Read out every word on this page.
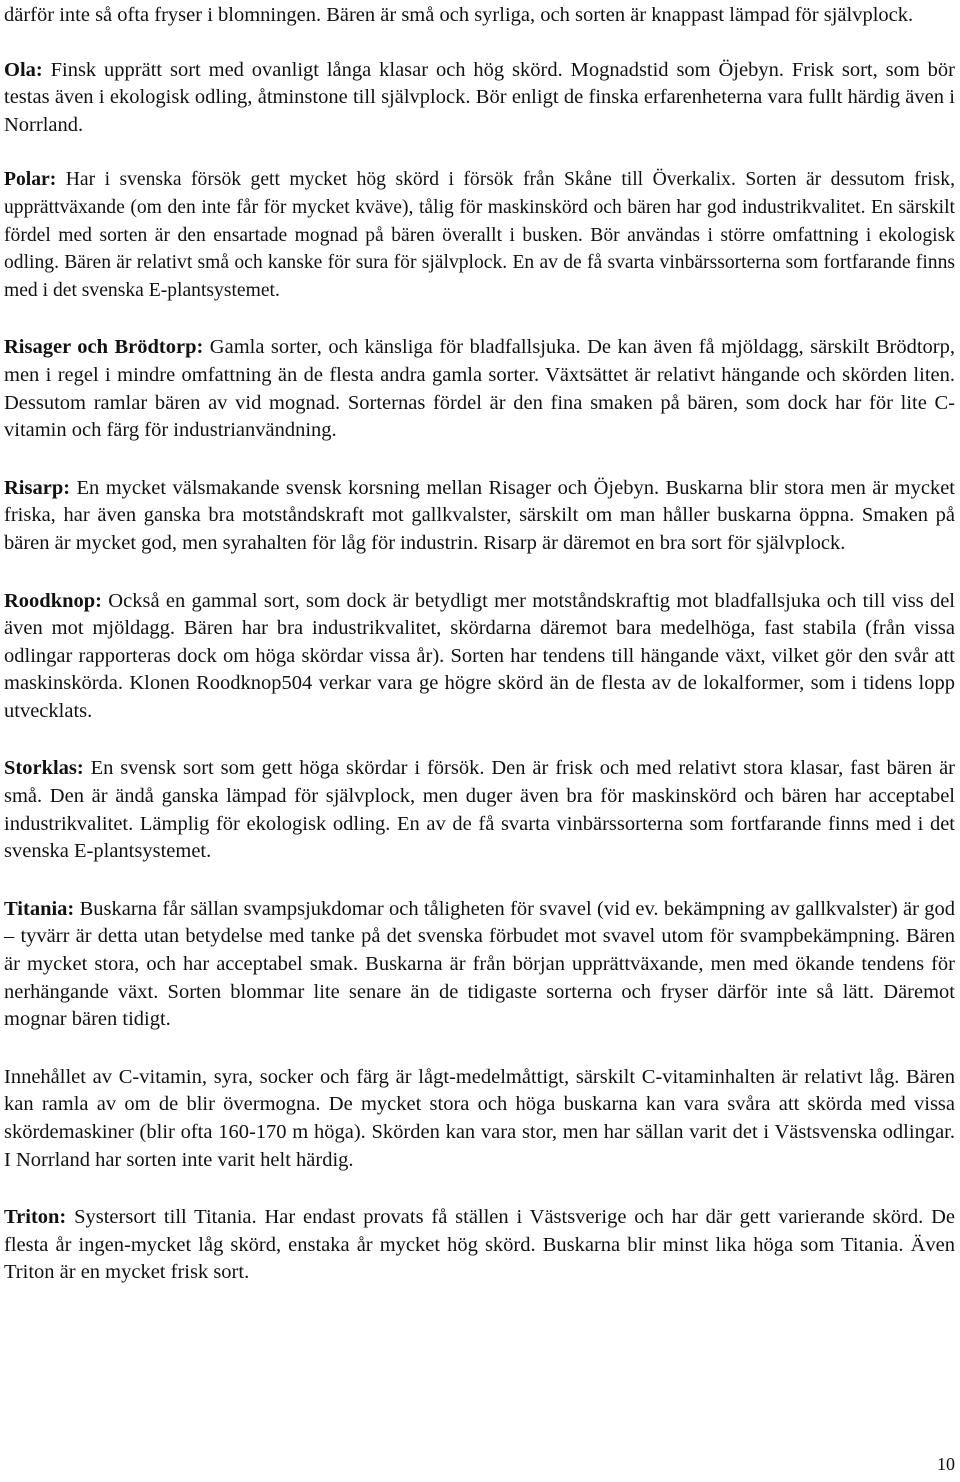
därför inte så ofta fryser i blomningen. Bären är små och syrliga, och sorten är knappast lämpad för självplock.

Ola: Finsk upprätt sort med ovanligt långa klasar och hög skörd. Mognadstid som Öjebyn. Frisk sort, som bör testas även i ekologisk odling, åtminstone till självplock. Bör enligt de finska erfarenheterna vara fullt härdig även i Norrland.

Polar: Har i svenska försök gett mycket hög skörd i försök från Skåne till Överkalix. Sorten är dessutom frisk, upprättväxande (om den inte får för mycket kväve), tålig för maskinskörd och bären har god industrikvalitet. En särskilt fördel med sorten är den ensartade mognad på bären överallt i busken. Bör användas i större omfattning i ekologisk odling. Bären är relativt små och kanske för sura för självplock. En av de få svarta vinbärssorterna som fortfarande finns med i det svenska E-plantsystemet.

Risager och Brödtorp: Gamla sorter, och känsliga för bladfallsjuka. De kan även få mjöldagg, särskilt Brödtorp, men i regel i mindre omfattning än de flesta andra gamla sorter. Växtsättet är relativt hängande och skörden liten. Dessutom ramlar bären av vid mognad. Sorternas fördel är den fina smaken på bären, som dock har för lite C-vitamin och färg för industrianvändning.

Risarp: En mycket välsmakande svensk korsning mellan Risager och Öjebyn. Buskarna blir stora men är mycket friska, har även ganska bra motståndskraft mot gallkvalster, särskilt om man håller buskarna öppna. Smaken på bären är mycket god, men syrahalten för låg för industrin. Risarp är däremot en bra sort för självplock.

Roodknop: Också en gammal sort, som dock är betydligt mer motståndskraftig mot bladfallsjuka och till viss del även mot mjöldagg. Bären har bra industrikvalitet, skördarna däremot bara medelhöga, fast stabila (från vissa odlingar rapporteras dock om höga skördar vissa år). Sorten har tendens till hängande växt, vilket gör den svår att maskinskörda. Klonen Roodknop504 verkar vara ge högre skörd än de flesta av de lokalformer, som i tidens lopp utvecklats.

Storklas: En svensk sort som gett höga skördar i försök. Den är frisk och med relativt stora klasar, fast bären är små. Den är ändå ganska lämpad för självplock, men duger även bra för maskinskörd och bären har acceptabel industrikvalitet. Lämplig för ekologisk odling. En av de få svarta vinbärssorterna som fortfarande finns med i det svenska E-plantsystemet.

Titania: Buskarna får sällan svampsjukdomar och tåligheten för svavel (vid ev. bekämpning av gallkvalster) är god – tyvärr är detta utan betydelse med tanke på det svenska förbudet mot svavel utom för svampbekämpning. Bären är mycket stora, och har acceptabel smak. Buskarna är från början upprättväxande, men med ökande tendens för nerhängande växt. Sorten blommar lite senare än de tidigaste sorterna och fryser därför inte så lätt. Däremot mognar bären tidigt.

Innehållet av C-vitamin, syra, socker och färg är lågt-medelmåttigt, särskilt C-vitaminhalten är relativt låg. Bären kan ramla av om de blir övermogna. De mycket stora och höga buskarna kan vara svåra att skörda med vissa skördemaskiner (blir ofta 160-170 m höga). Skörden kan vara stor, men har sällan varit det i Västsvenska odlingar. I Norrland har sorten inte varit helt härdig.

Triton: Systersort till Titania. Har endast provats få ställen i Västsverige och har där gett varierande skörd. De flesta år ingen-mycket låg skörd, enstaka år mycket hög skörd. Buskarna blir minst lika höga som Titania. Även Triton är en mycket frisk sort.

10
